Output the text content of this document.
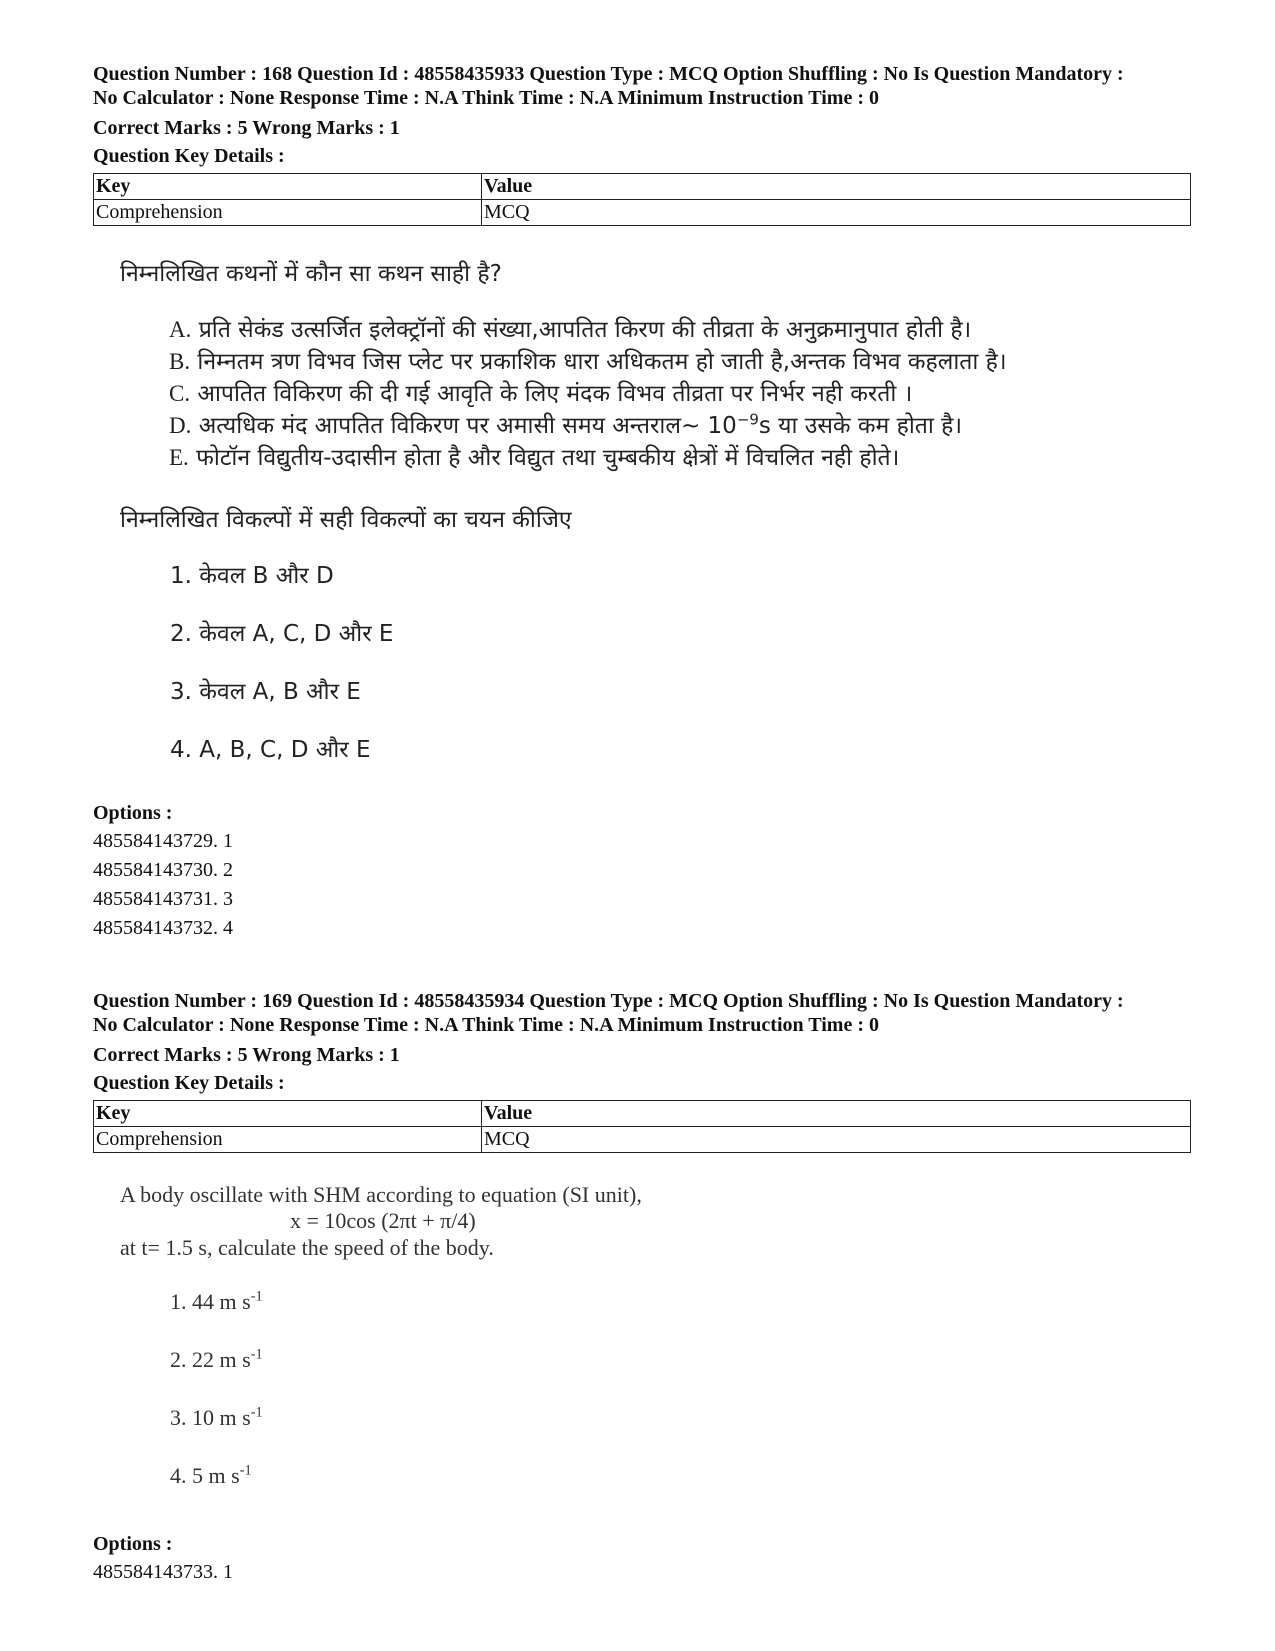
Question Number : 168 Question Id : 48558435933 Question Type : MCQ Option Shuffling : No Is Question Mandatory :
No Calculator : None Response Time : N.A Think Time : N.A Minimum Instruction Time : 0
Correct Marks : 5 Wrong Marks : 1
Question Key Details :
Key	Value
Comprehension	MCQ
निम्नलिखित कथनों में कौन सा कथन साही है?
A. प्रति सेकंड उत्सर्जित इलेक्ट्रॉनों की संख्या,आपतित किरण की तीव्रता के अनुक्रमानुपात होती है।
B. निम्नतम त्रण विभव जिस प्लेट पर प्रकाशिक धारा अधिकतम हो जाती है,अन्तक विभव कहलाता है।
C. आपतित विकिरण की दी गई आवृति के लिए मंदक विभव तीव्रता पर निर्भर नही करती ।
D. अत्यधिक मंद आपतित विकिरण पर अमासी समय अन्तराल~ $10^{-9}s$ या उसके कम होता है।
E. फोटॉन विद्युतीय-उदासीन होता है और विद्युत तथा चुम्बकीय क्षेत्रों में विचलित नही होते।
निम्नलिखित विकल्पों में सही विकल्पों का चयन कीजिए
1. केवल B और D
2. केवल A, C, D और E
3. केवल A, B और E
4. A, B, C, D और E
Options :
485584143729. 1
485584143730. 2
485584143731. 3
485584143732. 4
Question Number : 169 Question Id : 48558435934 Question Type : MCQ Option Shuffling : No Is Question Mandatory :
No Calculator : None Response Time : N.A Think Time : N.A Minimum Instruction Time : 0
Correct Marks : 5 Wrong Marks : 1
Question Key Details :
Key	Value
Comprehension	MCQ
A body oscillate with SHM according to equation (SI unit),
x = 10cos (2πt + π/4)
at t= 1.5 s, calculate the speed of the body.
1. 44 m $s^{-1}$
2. 22 m $s^{-1}$
3. 10 m $s^{-1}$
4. 5 m $s^{-1}$
Options :
485584143733. 1
